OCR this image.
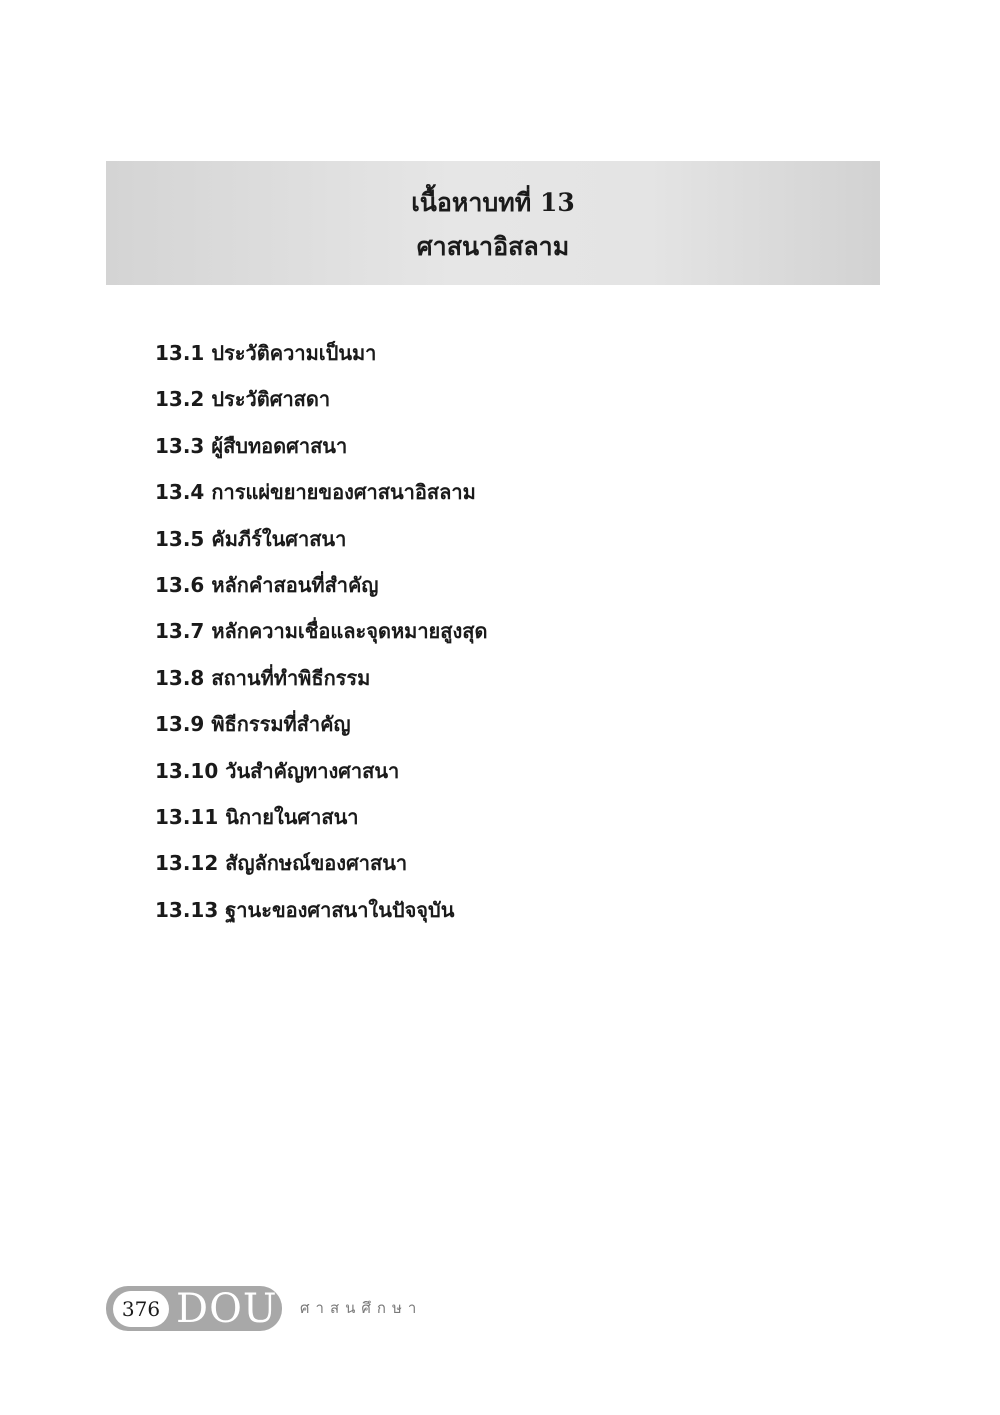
เนื้อหาบทที่ 13
ศาสนาอิสลาม
13.1 ประวัติความเป็นมา
13.2 ประวัติศาสดา
13.3 ผู้สืบทอดศาสนา
13.4 การแผ่ขยายของศาสนาอิสลาม
13.5 คัมภีร์ในศาสนา
13.6 หลักคำสอนที่สำคัญ
13.7 หลักความเชื่อและจุดหมายสูงสุด
13.8 สถานที่ทำพิธีกรรม
13.9 พิธีกรรมที่สำคัญ
13.10 วันสำคัญทางศาสนา
13.11 นิกายในศาสนา
13.12 สัญลักษณ์ของศาสนา
13.13 ฐานะของศาสนาในปัจจุบัน
376 DOU ศาสนศึกษา
